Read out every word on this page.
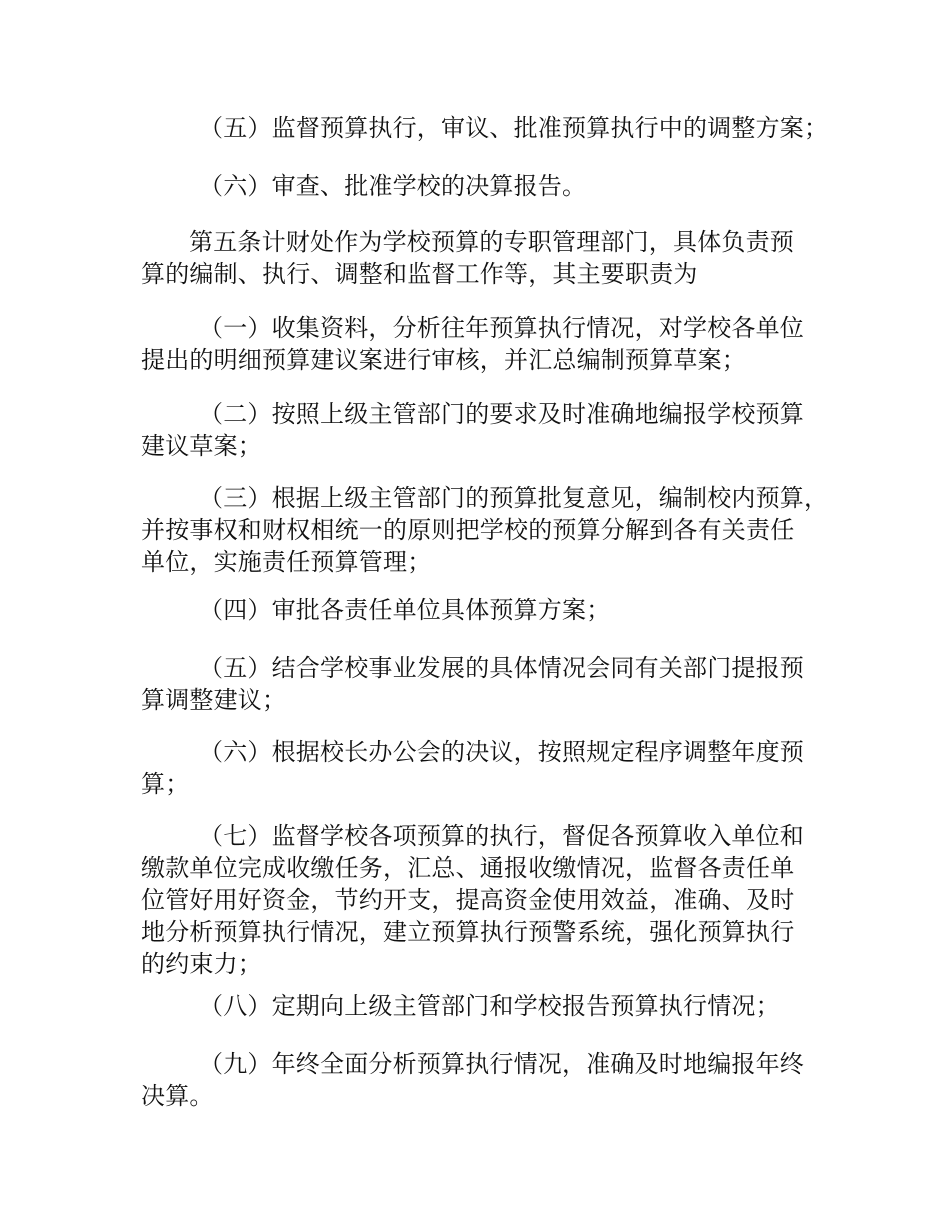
（五）监督预算执行，审议、批准预算执行中的调整方案；
（六）审查、批准学校的决算报告。
第五条计财处作为学校预算的专职管理部门，具体负责预
算的编制、执行、调整和监督工作等，其主要职责为
（一）收集资料，分析往年预算执行情况，对学校各单位
提出的明细预算建议案进行审核，并汇总编制预算草案；
（二）按照上级主管部门的要求及时准确地编报学校预算
建议草案；
（三）根据上级主管部门的预算批复意见，编制校内预算，
并按事权和财权相统一的原则把学校的预算分解到各有关责任
单位，实施责任预算管理；
（四）审批各责任单位具体预算方案；
（五）结合学校事业发展的具体情况会同有关部门提报预
算调整建议；
（六）根据校长办公会的决议，按照规定程序调整年度预
算；
（七）监督学校各项预算的执行，督促各预算收入单位和
缴款单位完成收缴任务，汇总、通报收缴情况，监督各责任单
位管好用好资金，节约开支，提高资金使用效益，准确、及时
地分析预算执行情况，建立预算执行预警系统，强化预算执行
的约束力；
（八）定期向上级主管部门和学校报告预算执行情况；
（九）年终全面分析预算执行情况，准确及时地编报年终
决算。
